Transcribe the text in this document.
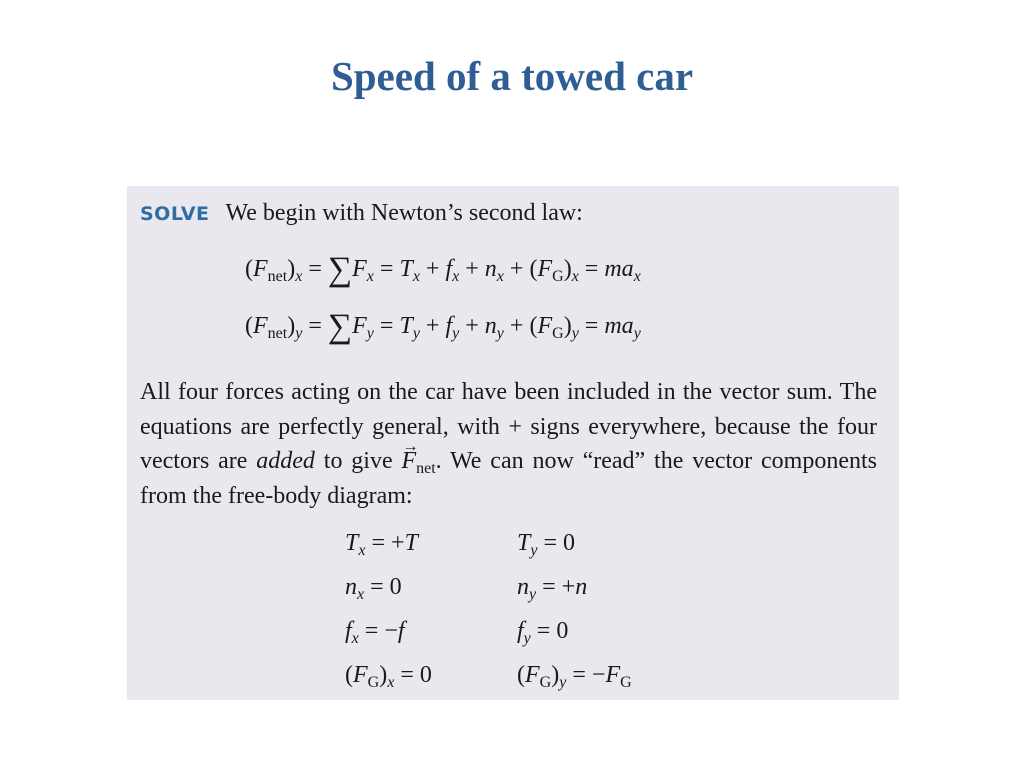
Speed of a towed car
SOLVE We begin with Newton’s second law:
$(F_{net})_x = \sum F_x = T_x + f_x + n_x + (F_G)_x = ma_x$
$(F_{net})_y = \sum F_y = T_y + f_y + n_y + (F_G)_y = ma_y$
All four forces acting on the car have been included in the vector sum. The equations are perfectly general, with + signs everywhere, because the four vectors are added to give → $F_{net}$. We can now “read” the vector components from the free-body diagram:
$T_x = +T$	$T_y = 0$
$n_x = 0$	$n_y = +n$
$f_x = -f$	$f_y = 0$
$(F_G)_x = 0$	$(F_G)_y = -F_G$
